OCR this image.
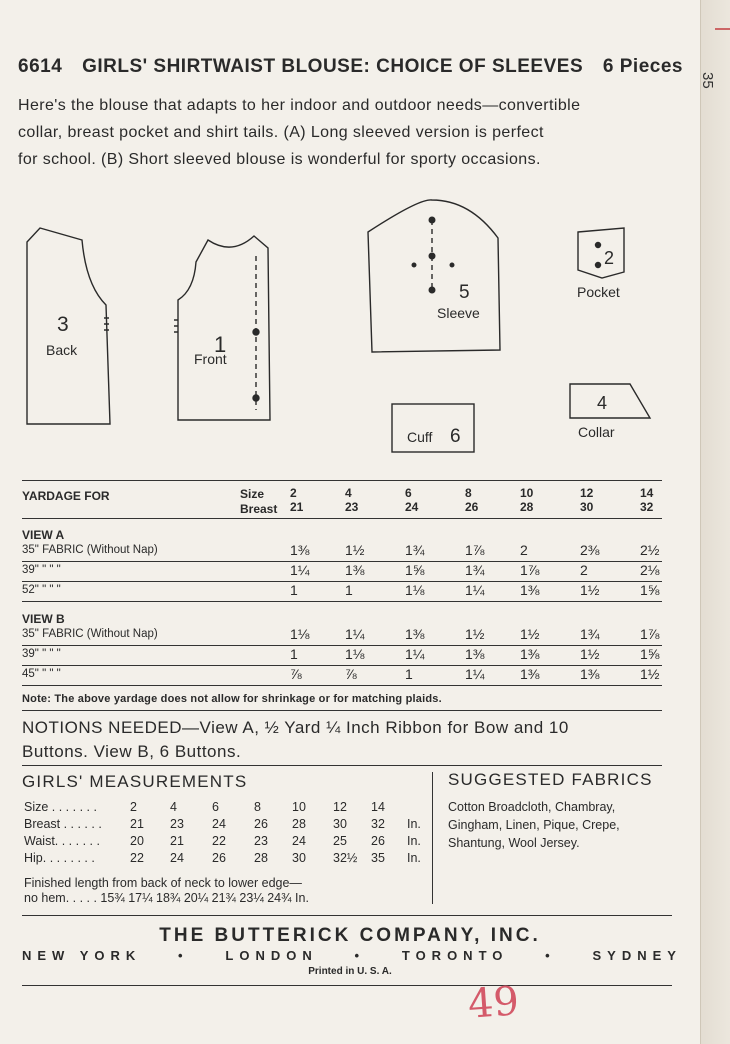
6614 GIRLS' SHIRTWAIST BLOUSE: CHOICE OF SLEEVES 6 Pieces
Here's the blouse that adapts to her indoor and outdoor needs—convertible
collar, breast pocket and shirt tails. (A) Long sleeved version is perfect
for school. (B) Short sleeved blouse is wonderful for sporty occasions.
3
Back	1
Front
5
Sleeve
2
Pocket
4
Collar
Cuff 6
YARDAGE FOR	Size
Breast
2	4	6	8	10	12	14
21	23	24	26	28	30	32
VIEW A
35" FABRIC (Without Nap)	1⅜	1½	1¾	1⅞	2	2⅜	2½
39" " " "	1¼	1⅜	1⅝	1¾	1⅞	2	2⅛
52" " " "	1	1	1⅛	1¼	1⅜	1½	1⅝
VIEW B
35" FABRIC (Without Nap)	1⅛	1¼	1⅜	1½	1½	1¾	1⅞
39" " " "	1	1⅛	1¼	1⅜	1⅜	1½	1⅝
45" " " "	⅞	⅞	1	1¼	1⅜	1⅜	1½
Note: The above yardage does not allow for shrinkage or for matching plaids.
NOTIONS NEEDED—View A, ½ Yard ¼ Inch Ribbon for Bow and 10
Buttons. View B, 6 Buttons.
GIRLS' MEASUREMENTS
Size . . . . . . .	2	4	6	8 10 12 14
Breast . . . . . . 21 23 24 26 28 30 32 In.
Waist. . . . . . . 20 21 22 23 24 25 26 In.
Hip. . . . . . . .	22 24 26 28 30 32½ 35 In.
Finished length from back of neck to lower edge—
no hem. . . . . 15¾ 17¼ 18¾ 20¼ 21¾ 23¼ 24¾ In.
SUGGESTED FABRICS
Cotton Broadcloth, Chambray,
Gingham, Linen, Pique, Crepe,
Shantung, Wool Jersey.
THE BUTTERICK COMPANY, INC.
NEW YORK	•	LONDON	•	TORONTO	•	SYDNEY
Printed in U. S. A.
49
35
